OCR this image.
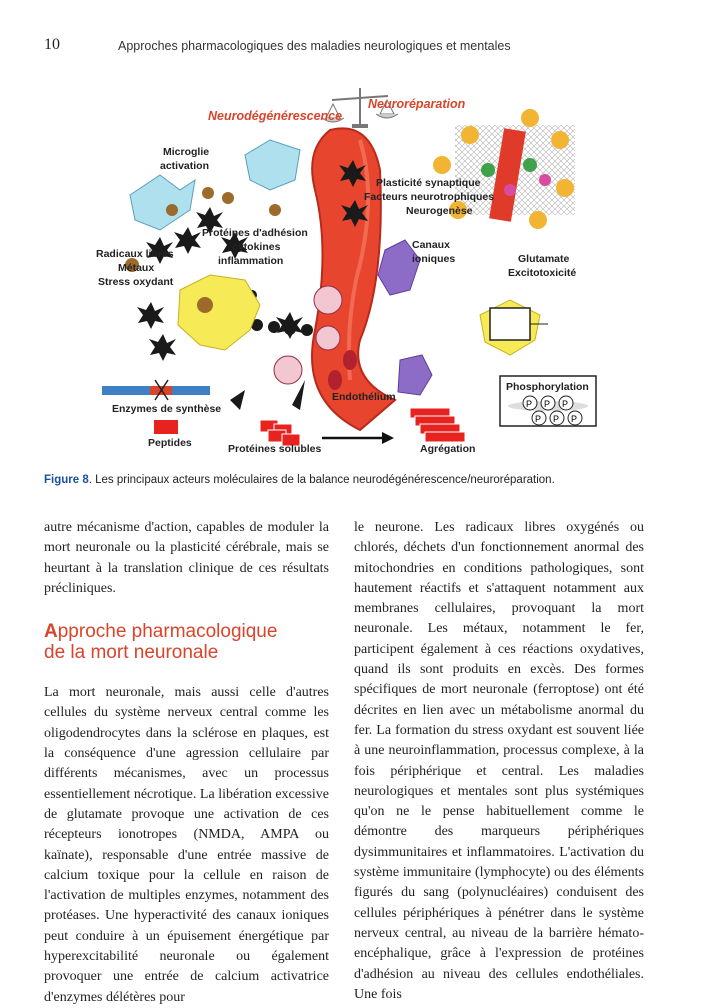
10	Approches pharmacologiques des maladies neurologiques et mentales
Neurodégénérescence
Neuroréparation
Microglie
activation
Canaux
ioniques
Plasticité synaptique
Facteurs neurotrophiques
Neurogenèse
Protéines d'adhésion
cytokines
inflammation
Radicaux libres
Métaux
Stress oxydant
Glutamate
Excitotoxicité
Endothélium
Phosphorylation
P P P
P P P
Enzymes de synthèse
Peptides	Protéines solubles	Agrégation
Figure 8. Les principaux acteurs moléculaires de la balance neurodégénérescence/neuroréparation.

autre mécanisme d'action, capables de moduler la mort neuronale ou la plasticité cérébrale, mais se heurtant à la translation clinique de ces résultats précliniques.

Approche pharmacologique
de la mort neuronale

La mort neuronale, mais aussi celle d'autres cellules du système nerveux central comme les oligodendrocytes dans la sclérose en plaques, est la conséquence d'une agression cellulaire par différents mécanismes, avec un processus essentiellement nécrotique. La libération excessive de glutamate provoque une activation de ces récepteurs ionotropes (NMDA, AMPA ou kaïnate), responsable d'une entrée massive de calcium toxique pour la cellule en raison de l'activation de multiples enzymes, notamment des protéases. Une hyperactivité des canaux ioniques peut conduire à un épuisement énergétique par hyperexcitabilité neuronale ou également provoquer une entrée de calcium activatrice d'enzymes délétères pour

le neurone. Les radicaux libres oxygénés ou chlorés, déchets d'un fonctionnement anormal des mitochondries en conditions pathologiques, sont hautement réactifs et s'attaquent notamment aux membranes cellulaires, provoquant la mort neuronale. Les métaux, notamment le fer, participent également à ces réactions oxydatives, quand ils sont produits en excès. Des formes spécifiques de mort neuronale (ferroptose) ont été décrites en lien avec un métabolisme anormal du fer. La formation du stress oxydant est souvent liée à une neuroinflammation, processus complexe, à la fois périphérique et central. Les maladies neurologiques et mentales sont plus systémiques qu'on ne le pense habituellement comme le démontre des marqueurs périphériques dysimmunitaires et inflammatoires. L'activation du système immunitaire (lymphocyte) ou des éléments figurés du sang (polynucléaires) conduisent des cellules périphériques à pénétrer dans le système nerveux central, au niveau de la barrière hémato-encéphalique, grâce à l'expression de protéines d'adhésion au niveau des cellules endothéliales. Une fois
